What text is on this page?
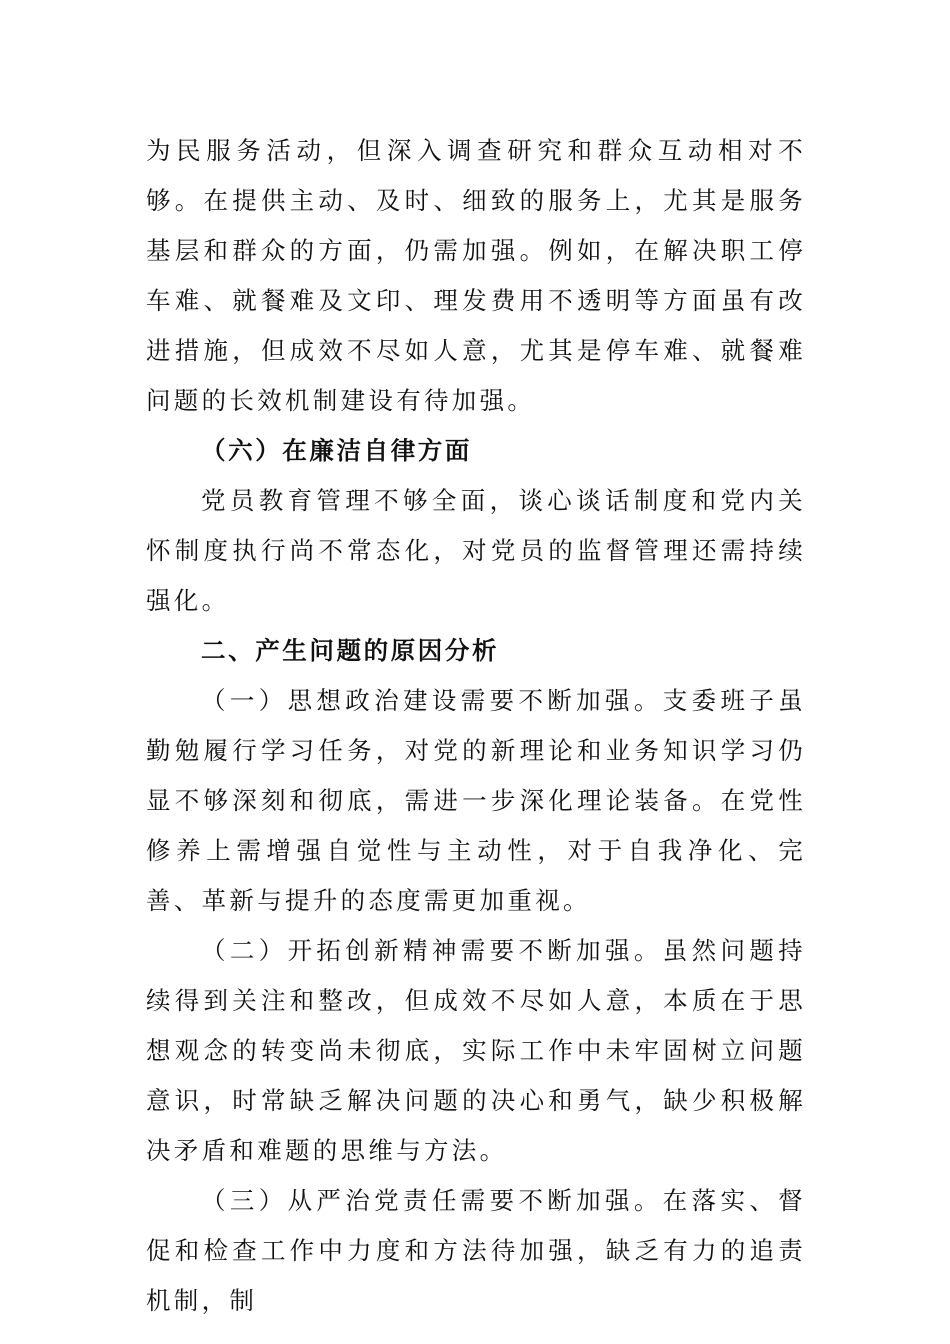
为民服务活动，但深入调查研究和群众互动相对不够。在提供主动、及时、细致的服务上，尤其是服务基层和群众的方面，仍需加强。例如，在解决职工停车难、就餐难及文印、理发费用不透明等方面虽有改进措施，但成效不尽如人意，尤其是停车难、就餐难问题的长效机制建设有待加强。

（六）在廉洁自律方面

党员教育管理不够全面，谈心谈话制度和党内关怀制度执行尚不常态化，对党员的监督管理还需持续强化。

二、产生问题的原因分析

（一）思想政治建设需要不断加强。支委班子虽勤勉履行学习任务，对党的新理论和业务知识学习仍显不够深刻和彻底，需进一步深化理论装备。在党性修养上需增强自觉性与主动性，对于自我净化、完善、革新与提升的态度需更加重视。

（二）开拓创新精神需要不断加强。虽然问题持续得到关注和整改，但成效不尽如人意，本质在于思想观念的转变尚未彻底，实际工作中未牢固树立问题意识，时常缺乏解决问题的决心和勇气，缺少积极解决矛盾和难题的思维与方法。

（三）从严治党责任需要不断加强。在落实、督促和检查工作中力度和方法待加强，缺乏有力的追责机制，制
